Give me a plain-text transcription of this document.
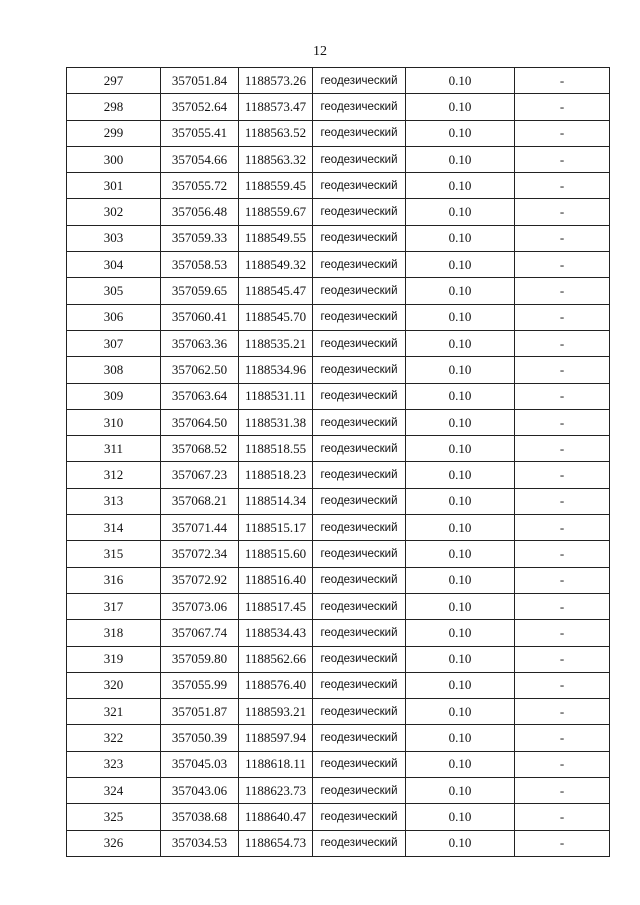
12
297	357051.84	1188573.26	геодезический	0.10	-
298	357052.64	1188573.47	геодезический	0.10	-
299	357055.41	1188563.52	геодезический	0.10	-
300	357054.66	1188563.32	геодезический	0.10	-
301	357055.72	1188559.45	геодезический	0.10	-
302	357056.48	1188559.67	геодезический	0.10	-
303	357059.33	1188549.55	геодезический	0.10	-
304	357058.53	1188549.32	геодезический	0.10	-
305	357059.65	1188545.47	геодезический	0.10	-
306	357060.41	1188545.70	геодезический	0.10	-
307	357063.36	1188535.21	геодезический	0.10	-
308	357062.50	1188534.96	геодезический	0.10	-
309	357063.64	1188531.11	геодезический	0.10	-
310	357064.50	1188531.38	геодезический	0.10	-
311	357068.52	1188518.55	геодезический	0.10	-
312	357067.23	1188518.23	геодезический	0.10	-
313	357068.21	1188514.34	геодезический	0.10	-
314	357071.44	1188515.17	геодезический	0.10	-
315	357072.34	1188515.60	геодезический	0.10	-
316	357072.92	1188516.40	геодезический	0.10	-
317	357073.06	1188517.45	геодезический	0.10	-
318	357067.74	1188534.43	геодезический	0.10	-
319	357059.80	1188562.66	геодезический	0.10	-
320	357055.99	1188576.40	геодезический	0.10	-
321	357051.87	1188593.21	геодезический	0.10	-
322	357050.39	1188597.94	геодезический	0.10	-
323	357045.03	1188618.11	геодезический	0.10	-
324	357043.06	1188623.73	геодезический	0.10	-
325	357038.68	1188640.47	геодезический	0.10	-
326	357034.53	1188654.73	геодезический	0.10	-
